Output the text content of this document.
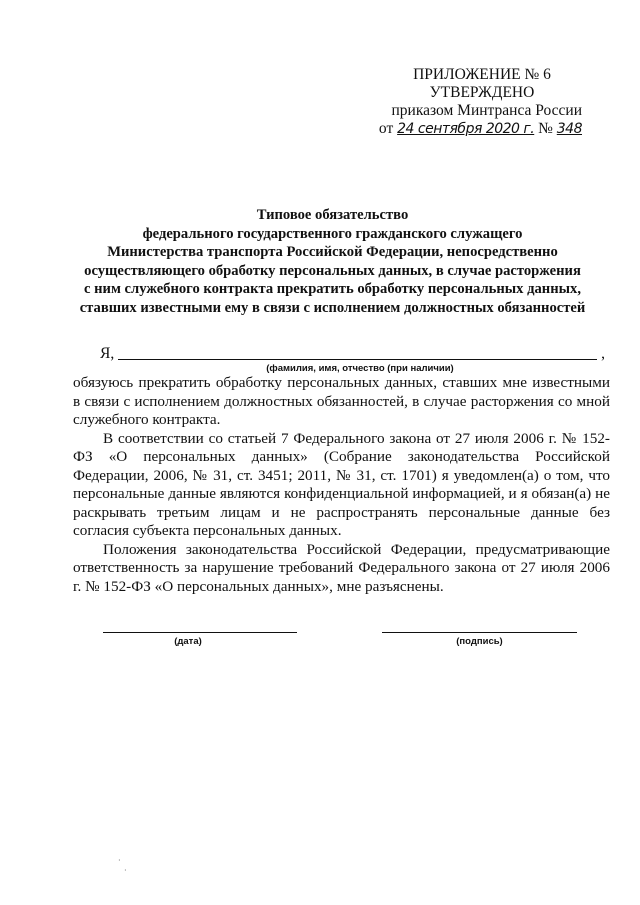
ПРИЛОЖЕНИЕ № 6
УТВЕРЖДЕНО
приказом Минтранса России
от 24 сентября 2020 г. № 348
Типовое обязательство
федерального государственного гражданского служащего
Министерства транспорта Российской Федерации, непосредственно
осуществляющего обработку персональных данных, в случае расторжения
с ним служебного контракта прекратить обработку персональных данных,
ставших известными ему в связи с исполнением должностных обязанностей
Я,	,
(фамилия, имя, отчество (при наличии)

обязуюсь прекратить обработку персональных данных, ставших мне известными в связи с исполнением должностных обязанностей, в случае расторжения со мной служебного контракта.

В соответствии со статьей 7 Федерального закона от 27 июля 2006 г. № 152-ФЗ «О персональных данных» (Собрание законодательства Российской Федерации, 2006, № 31, ст. 3451; 2011, № 31, ст. 1701) я уведомлен(а) о том, что персональные данные являются конфиденциальной информацией, и я обязан(а) не раскрывать третьим лицам и не распространять персональные данные без согласия субъекта персональных данных.

Положения законодательства Российской Федерации, предусматривающие ответственность за нарушение требований Федерального закона от 27 июля 2006 г. № 152-ФЗ «О персональных данных», мне разъяснены.

(дата)	(подпись)
·
·
